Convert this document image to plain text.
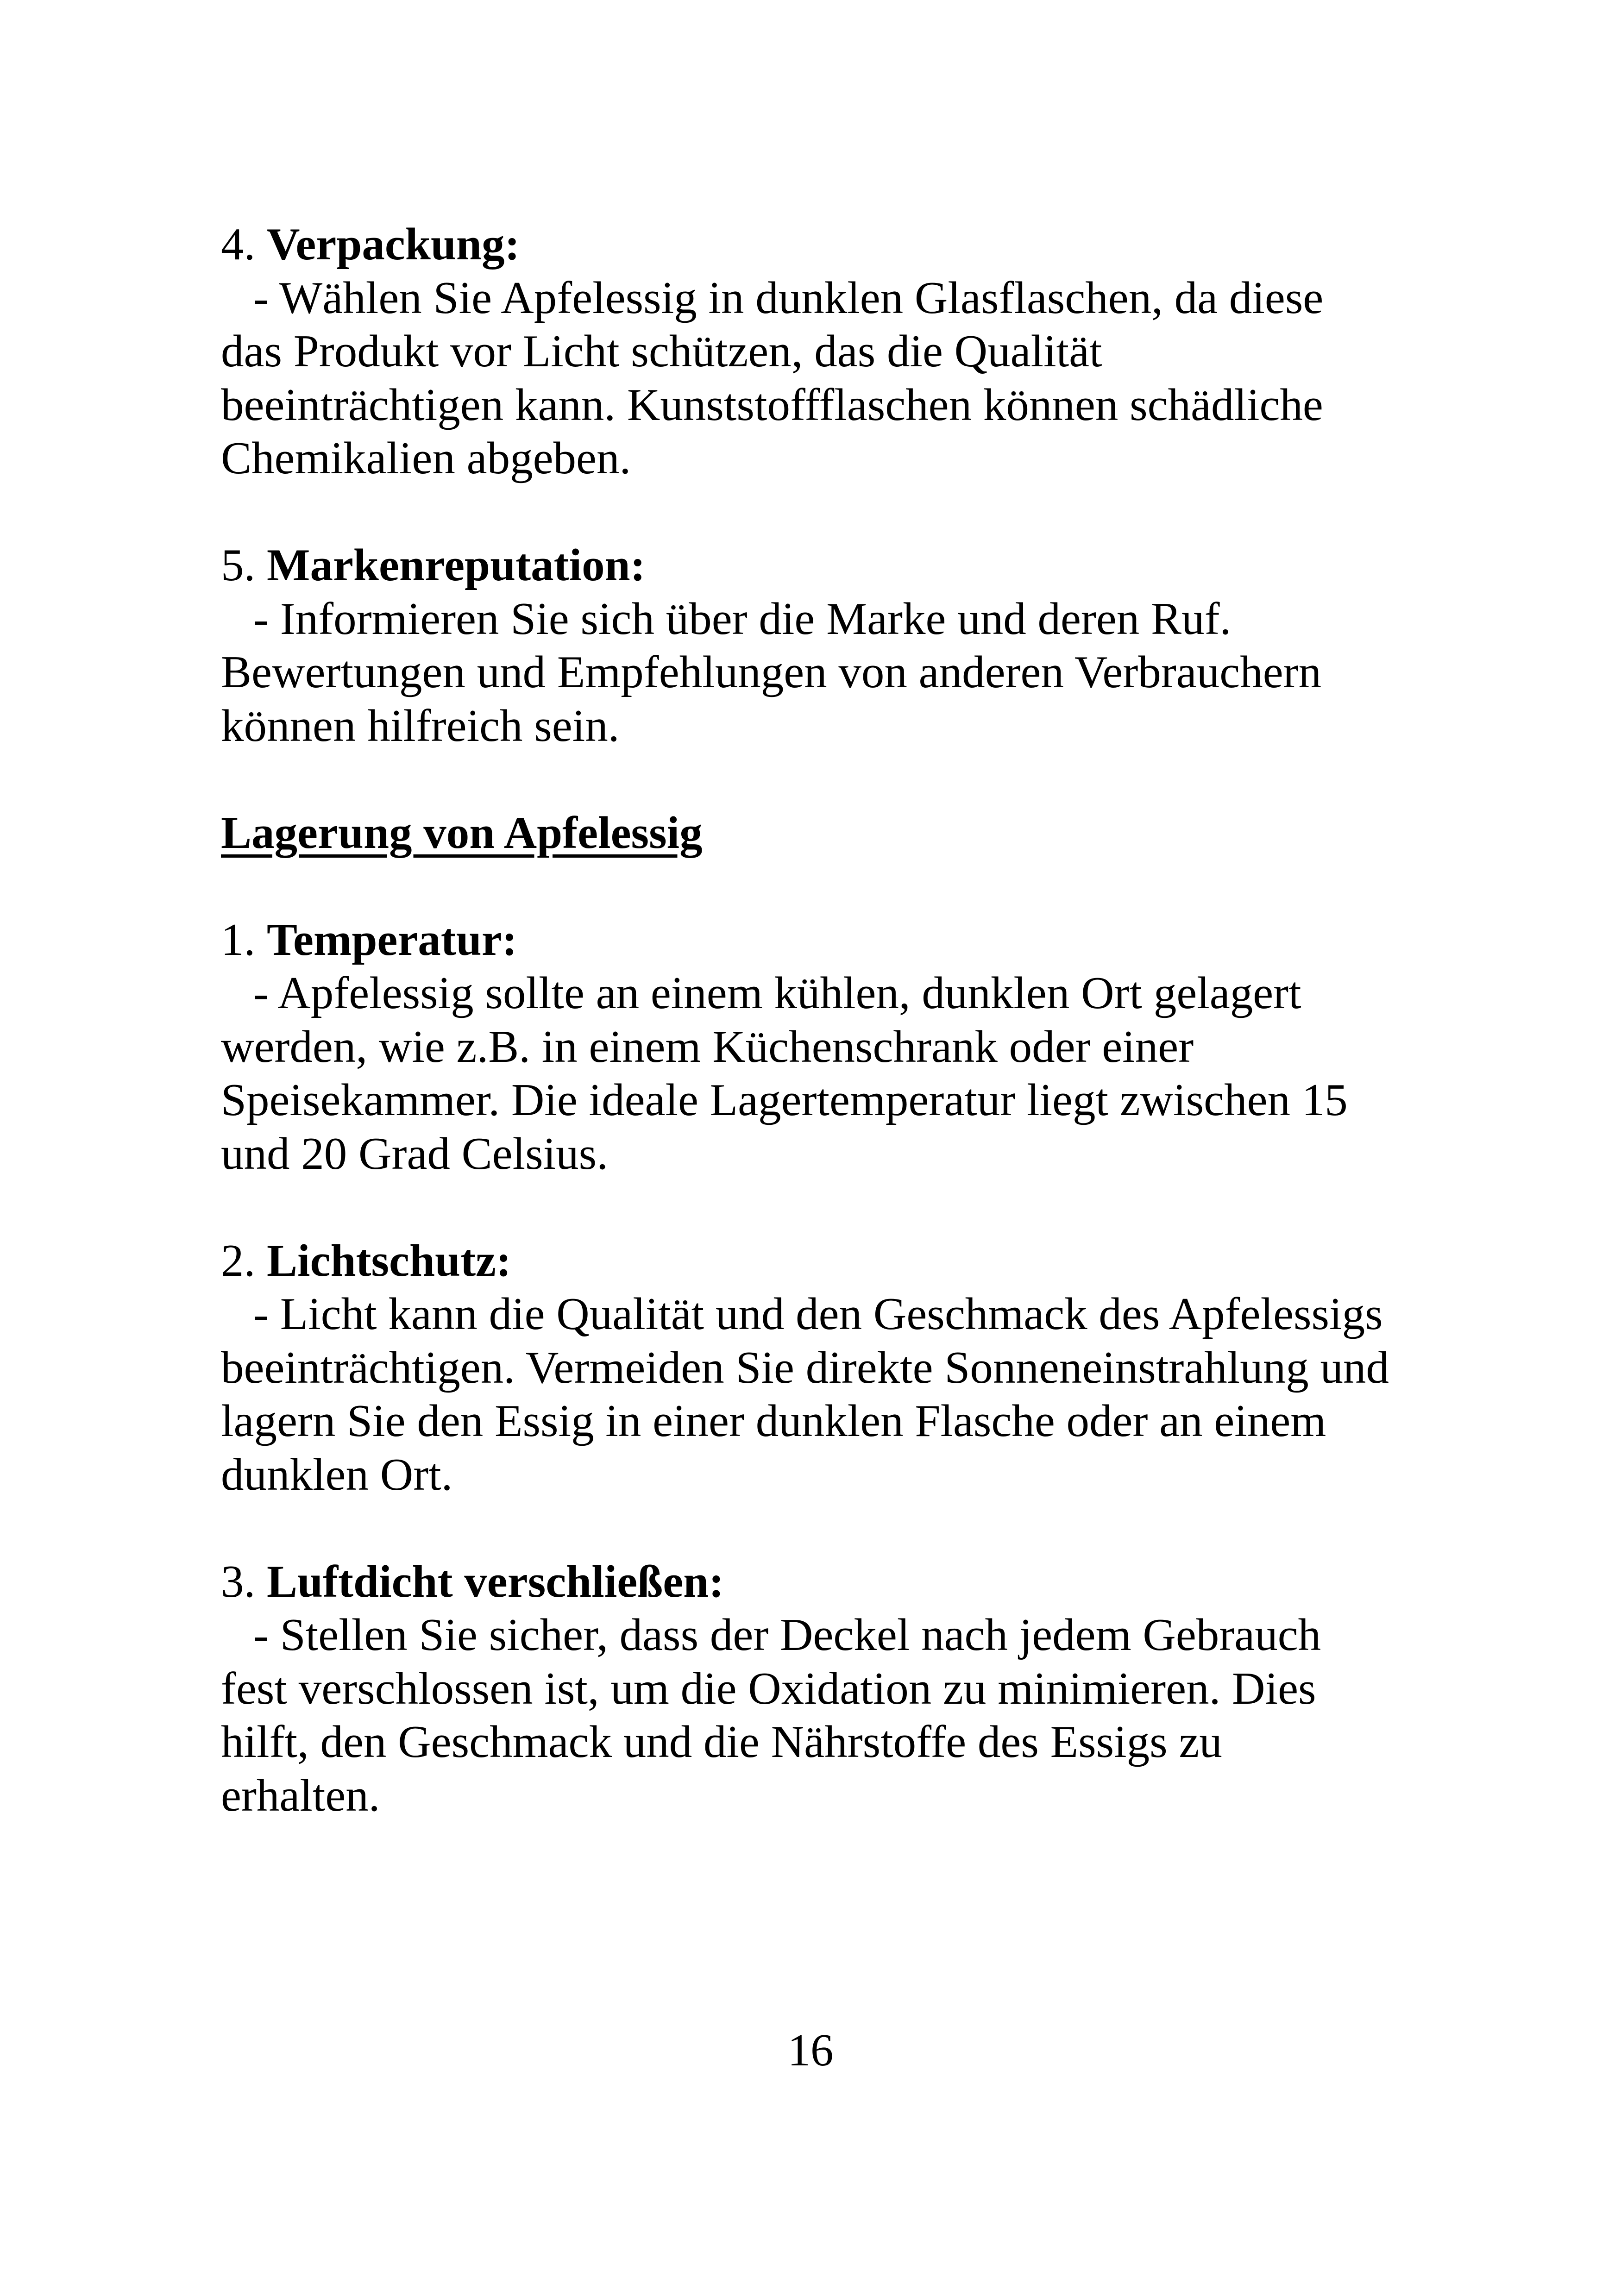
4. Verpackung:
- Wählen Sie Apfelessig in dunklen Glasflaschen, da diese
das Produkt vor Licht schützen, das die Qualität
beeinträchtigen kann. Kunststoffflaschen können schädliche
Chemikalien abgeben.
5. Markenreputation:
- Informieren Sie sich über die Marke und deren Ruf.
Bewertungen und Empfehlungen von anderen Verbrauchern
können hilfreich sein.
Lagerung von Apfelessig
1. Temperatur:
- Apfelessig sollte an einem kühlen, dunklen Ort gelagert
werden, wie z.B. in einem Küchenschrank oder einer
Speisekammer. Die ideale Lagertemperatur liegt zwischen 15
und 20 Grad Celsius.
2. Lichtschutz:
- Licht kann die Qualität und den Geschmack des Apfelessigs
beeinträchtigen. Vermeiden Sie direkte Sonneneinstrahlung und
lagern Sie den Essig in einer dunklen Flasche oder an einem
dunklen Ort.
3. Luftdicht verschließen:
- Stellen Sie sicher, dass der Deckel nach jedem Gebrauch
fest verschlossen ist, um die Oxidation zu minimieren. Dies
hilft, den Geschmack und die Nährstoffe des Essigs zu
erhalten.
16
